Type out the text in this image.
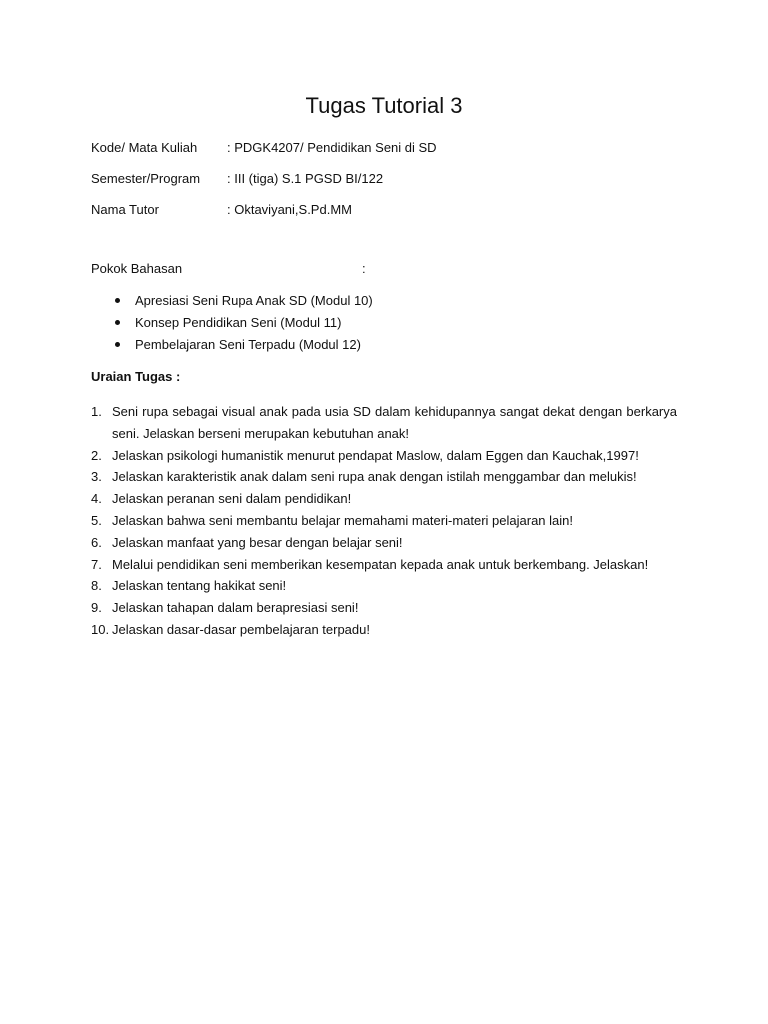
Tugas Tutorial 3
Kode/ Mata Kuliah	: PDGK4207/ Pendidikan Seni di SD
Semester/Program	: III (tiga) S.1 PGSD BI/122
Nama Tutor	: Oktaviyani,S.Pd.MM
Pokok Bahasan	:
Apresiasi Seni Rupa Anak SD (Modul 10)
Konsep Pendidikan Seni (Modul 11)
Pembelajaran Seni Terpadu (Modul 12)
Uraian Tugas :
1. Seni rupa sebagai visual anak pada usia SD dalam kehidupannya sangat dekat dengan berkarya seni. Jelaskan berseni merupakan kebutuhan anak!
2. Jelaskan psikologi humanistik menurut pendapat Maslow, dalam Eggen dan Kauchak,1997!
3. Jelaskan karakteristik anak dalam seni rupa anak dengan istilah menggambar dan melukis!
4. Jelaskan peranan seni dalam pendidikan!
5. Jelaskan bahwa seni membantu belajar memahami materi-materi pelajaran lain!
6. Jelaskan manfaat yang besar dengan belajar seni!
7. Melalui pendidikan seni memberikan kesempatan kepada anak untuk berkembang. Jelaskan!
8. Jelaskan tentang hakikat seni!
9. Jelaskan tahapan dalam berapresiasi seni!
10. Jelaskan dasar-dasar pembelajaran terpadu!
